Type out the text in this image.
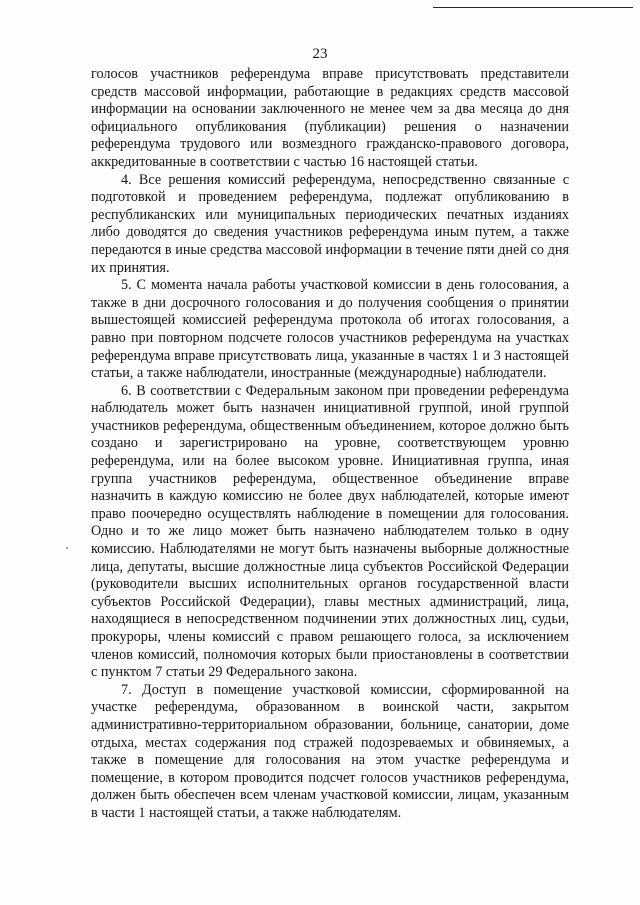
23

голосов участников референдума вправе присутствовать представители средств массовой информации, работающие в редакциях средств массовой информации на основании заключенного не менее чем за два месяца до дня официального опубликования (публикации) решения о назначении референдума трудового или возмездного гражданско-правового договора, аккредитованные в соответствии с частью 16 настоящей статьи.

4. Все решения комиссий референдума, непосредственно связанные с подготовкой и проведением референдума, подлежат опубликованию в республиканских или муниципальных периодических печатных изданиях либо доводятся до сведения участников референдума иным путем, а также передаются в иные средства массовой информации в течение пяти дней со дня их принятия.

5. С момента начала работы участковой комиссии в день голосования, а также в дни досрочного голосования и до получения сообщения о принятии вышестоящей комиссией референдума протокола об итогах голосования, а равно при повторном подсчете голосов участников референдума на участках референдума вправе присутствовать лица, указанные в частях 1 и 3 настоящей статьи, а также наблюдатели, иностранные (международные) наблюдатели.

6. В соответствии с Федеральным законом при проведении референдума наблюдатель может быть назначен инициативной группой, иной группой участников референдума, общественным объединением, которое должно быть создано и зарегистрировано на уровне, соответствующем уровню референдума, или на более высоком уровне. Инициативная группа, иная группа участников референдума, общественное объединение вправе назначить в каждую комиссию не более двух наблюдателей, которые имеют право поочередно осуществлять наблюдение в помещении для голосования. Одно и то же лицо может быть назначено наблюдателем только в одну комиссию. Наблюдателями не могут быть назначены выборные должностные лица, депутаты, высшие должностные лица субъектов Российской Федерации (руководители высших исполнительных органов государственной власти субъектов Российской Федерации), главы местных администраций, лица, находящиеся в непосредственном подчинении этих должностных лиц, судьи, прокуроры, члены комиссий с правом решающего голоса, за исключением членов комиссий, полномочия которых были приостановлены в соответствии с пунктом 7 статьи 29 Федерального закона.

7. Доступ в помещение участковой комиссии, сформированной на участке референдума, образованном в воинской части, закрытом административно-территориальном образовании, больнице, санатории, доме отдыха, местах содержания под стражей подозреваемых и обвиняемых, а также в помещение для голосования на этом участке референдума и помещение, в котором проводится подсчет голосов участников референдума, должен быть обеспечен всем членам участковой комиссии, лицам, указанным в части 1 настоящей статьи, а также наблюдателям.
